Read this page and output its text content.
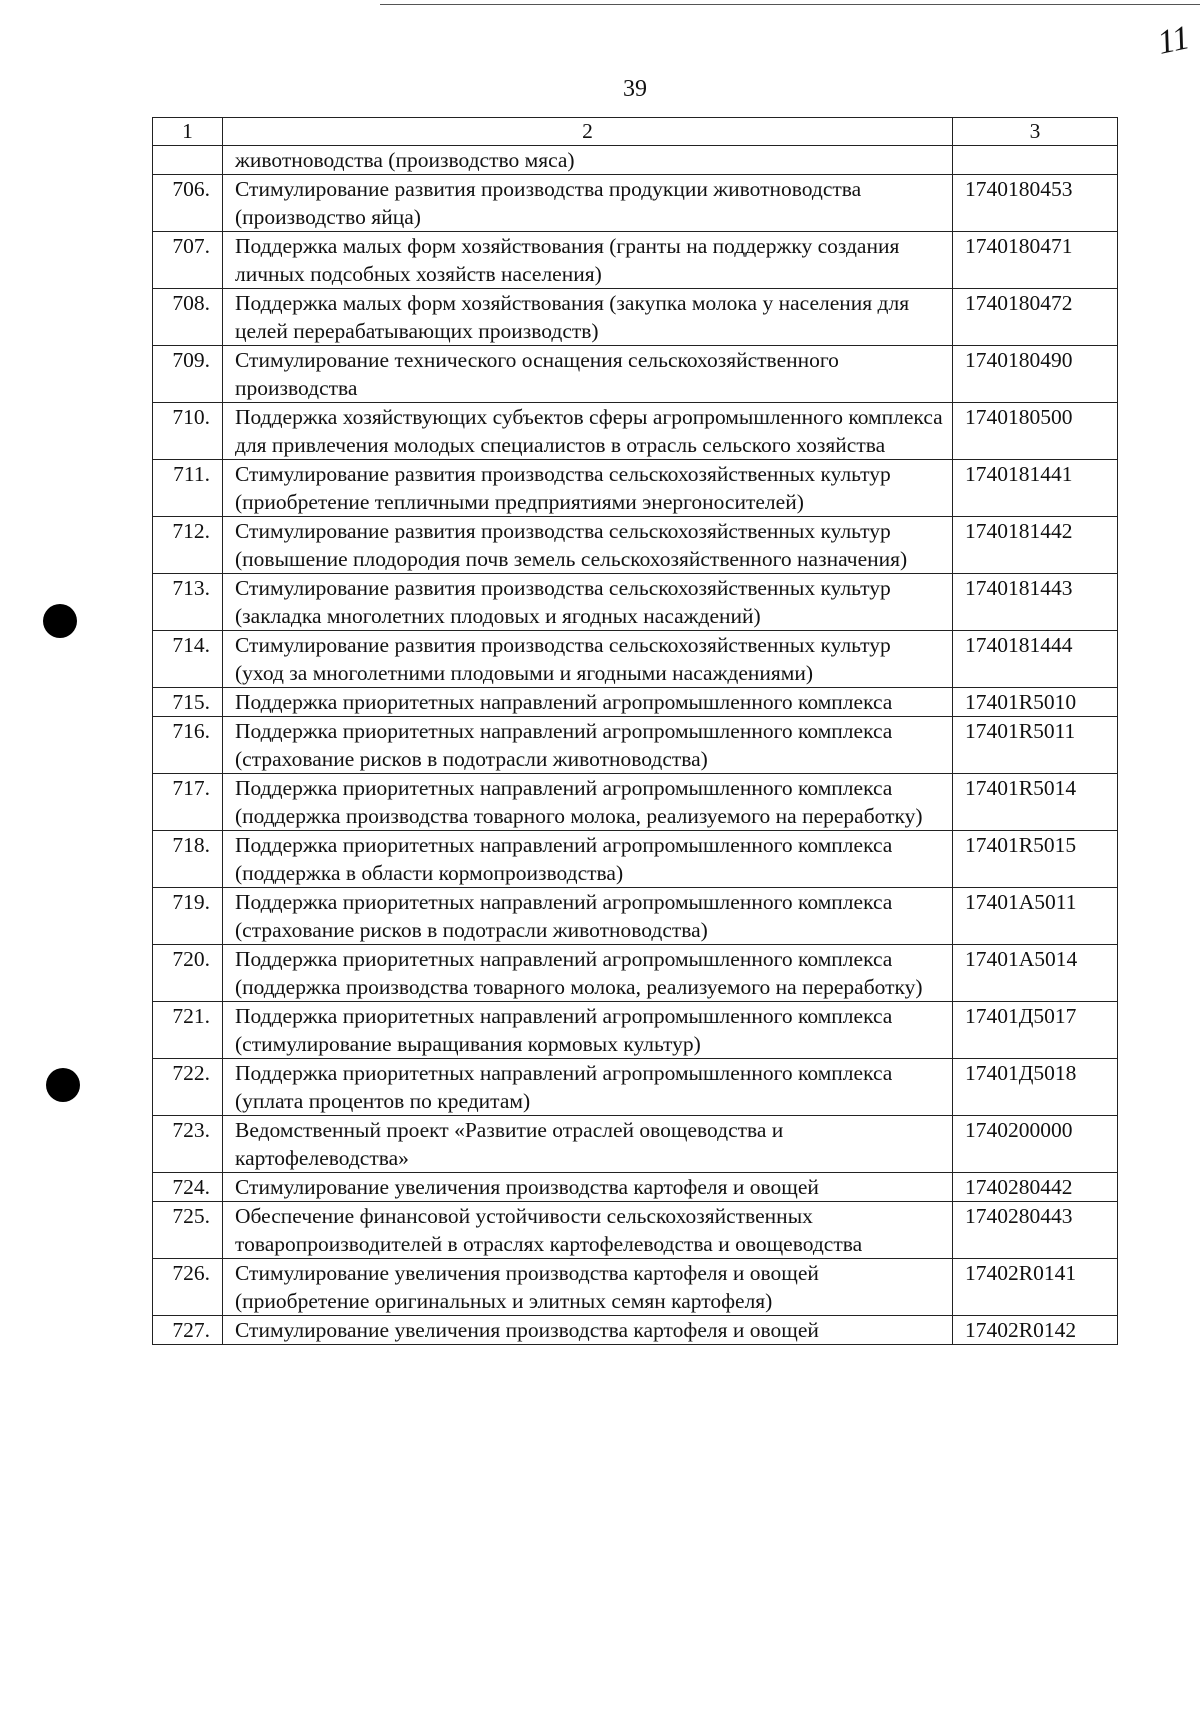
39
11
1	2	3
	животноводства (производство мяса)	
706.	Стимулирование развития производства продукции животноводства (производство яйца)	1740180453
707.	Поддержка малых форм хозяйствования (гранты на поддержку создания личных подсобных хозяйств населения)	1740180471
708.	Поддержка малых форм хозяйствования (закупка молока у населения для целей перерабатывающих производств)	1740180472
709.	Стимулирование технического оснащения сельскохозяйственного производства	1740180490
710.	Поддержка хозяйствующих субъектов сферы агропромышленного комплекса для привлечения молодых специалистов в отрасль сельского хозяйства	1740180500
711.	Стимулирование развития производства сельскохозяйственных культур (приобретение тепличными предприятиями энергоносителей)	1740181441
712.	Стимулирование развития производства сельскохозяйственных культур (повышение плодородия почв земель сельскохозяйственного назначения)	1740181442
713.	Стимулирование развития производства сельскохозяйственных культур (закладка многолетних плодовых и ягодных насаждений)	1740181443
714.	Стимулирование развития производства сельскохозяйственных культур (уход за многолетними плодовыми и ягодными насаждениями)	1740181444
715.	Поддержка приоритетных направлений агропромышленного комплекса	17401R5010
716.	Поддержка приоритетных направлений агропромышленного комплекса (страхование рисков в подотрасли животноводства)	17401R5011
717.	Поддержка приоритетных направлений агропромышленного комплекса (поддержка производства товарного молока, реализуемого на переработку)	17401R5014
718.	Поддержка приоритетных направлений агропромышленного комплекса (поддержка в области кормопроизводства)	17401R5015
719.	Поддержка приоритетных направлений агропромышленного комплекса (страхование рисков в подотрасли животноводства)	17401А5011
720.	Поддержка приоритетных направлений агропромышленного комплекса (поддержка производства товарного молока, реализуемого на переработку)	17401А5014
721.	Поддержка приоритетных направлений агропромышленного комплекса (стимулирование выращивания кормовых культур)	17401Д5017
722.	Поддержка приоритетных направлений агропромышленного комплекса (уплата процентов по кредитам)	17401Д5018
723.	Ведомственный проект «Развитие отраслей овощеводства и картофелеводства»	1740200000
724.	Стимулирование увеличения производства картофеля и овощей	1740280442
725.	Обеспечение финансовой устойчивости сельскохозяйственных товаропроизводителей в отраслях картофелеводства и овощеводства	1740280443
726.	Стимулирование увеличения производства картофеля и овощей (приобретение оригинальных и элитных семян картофеля)	17402R0141
727.	Стимулирование увеличения производства картофеля и овощей	17402R0142
